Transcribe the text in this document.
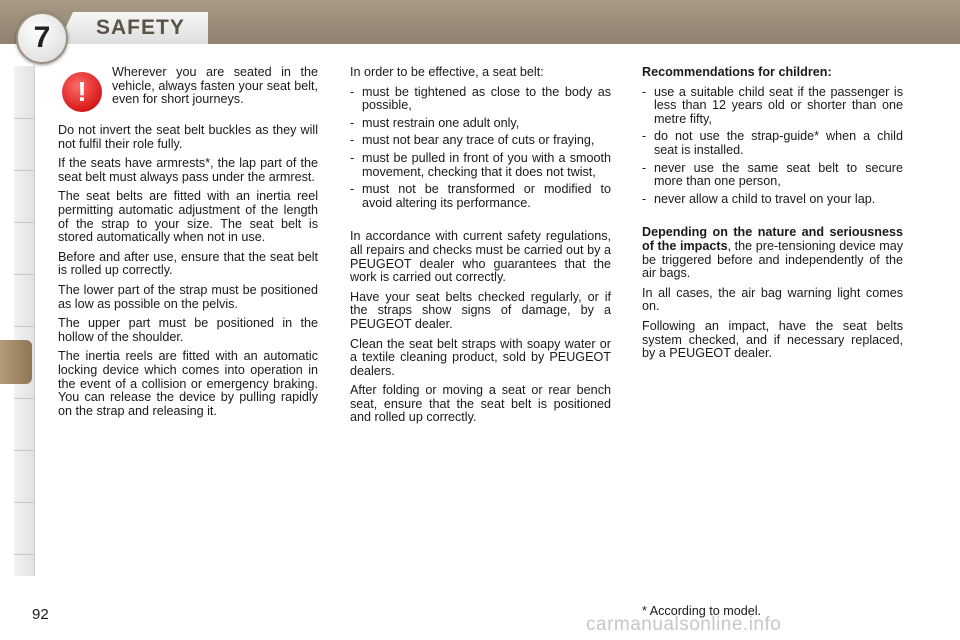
7	SAFETY
!

Wherever you are seated in the vehicle, always fasten your seat belt, even for short journeys.

Do not invert the seat belt buckles as they will not fulfil their role fully.

If the seats have armrests*, the lap part of the seat belt must always pass under the armrest.

The seat belts are fitted with an inertia reel permitting automatic adjustment of the length of the strap to your size. The seat belt is stored automatically when not in use.

Before and after use, ensure that the seat belt is rolled up correctly.

The lower part of the strap must be positioned as low as possible on the pelvis.

The upper part must be positioned in the hollow of the shoulder.

The inertia reels are fitted with an automatic locking device which comes into operation in the event of a collision or emergency braking. You can release the device by pulling rapidly on the strap and releasing it.

In order to be effective, a seat belt:

- must be tightened as close to the body as possible,
- must restrain one adult only,
- must not bear any trace of cuts or fraying,
- must be pulled in front of you with a smooth movement, checking that it does not twist,
- must not be transformed or modified to avoid altering its performance.

In accordance with current safety regulations, all repairs and checks must be carried out by a PEUGEOT dealer who guarantees that the work is carried out correctly.

Have your seat belts checked regularly, or if the straps show signs of damage, by a PEUGEOT dealer.

Clean the seat belt straps with soapy water or a textile cleaning product, sold by PEUGEOT dealers.

After folding or moving a seat or rear bench seat, ensure that the seat belt is positioned and rolled up correctly.

Recommendations for children:

- use a suitable child seat if the passenger is less than 12 years old or shorter than one metre fifty,
- do not use the strap-guide* when a child seat is installed.
- never use the same seat belt to secure more than one person,
- never allow a child to travel on your lap.

Depending on the nature and seriousness of the impacts, the pre-tensioning device may be triggered before and independently of the air bags.

In all cases, the air bag warning light comes on.

Following an impact, have the seat belts system checked, and if necessary replaced, by a PEUGEOT dealer.

92	carmanualsonline.info
* According to model.
